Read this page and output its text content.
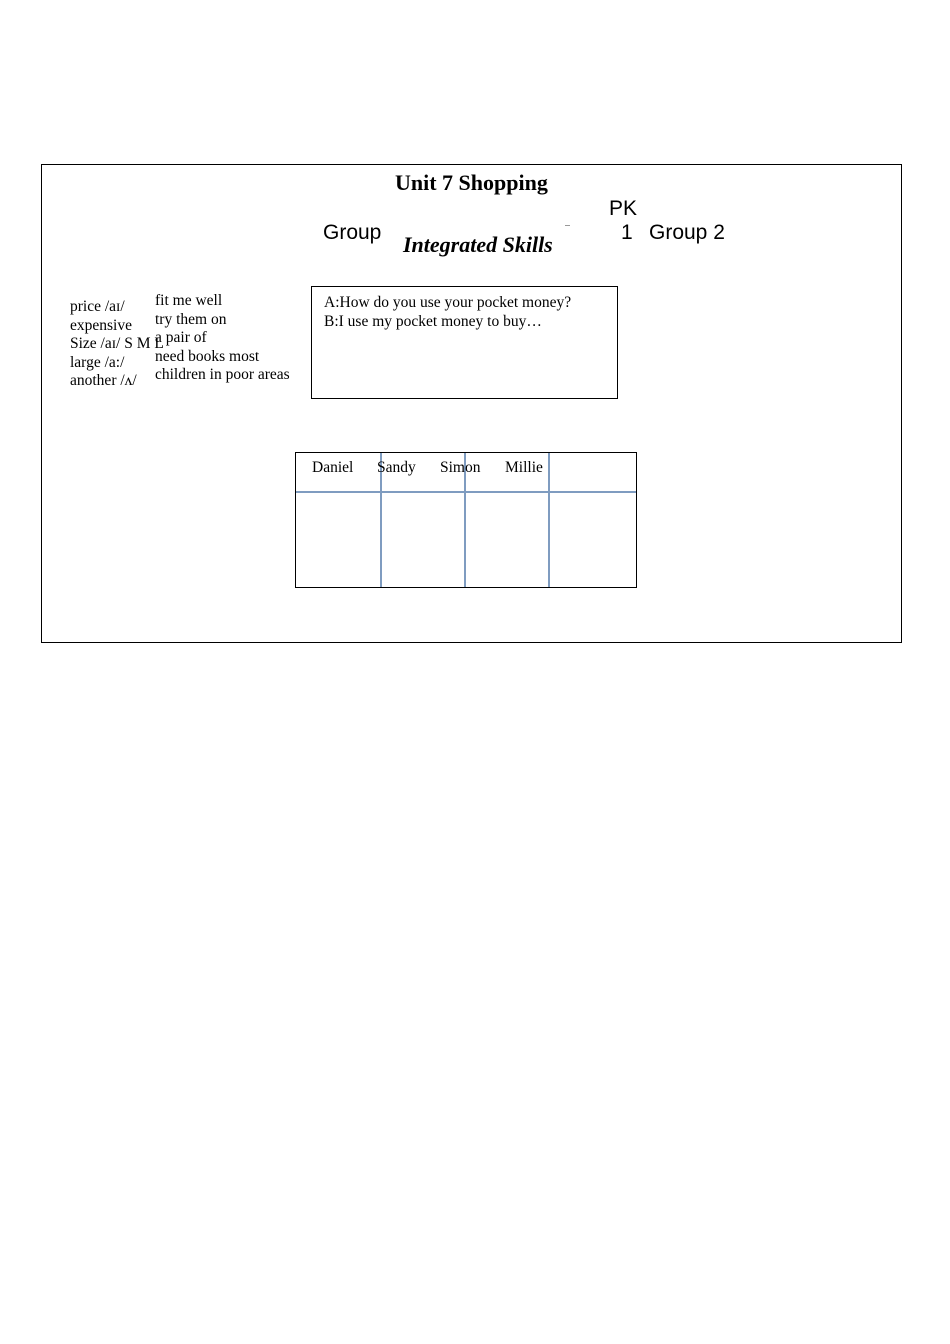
Unit 7 Shopping
PK
Group Integrated Skills	1 Group 2
price /aɪ/
expensive
Size /aɪ/ S M L
large /a:/
another /ʌ/
fit me well
try them on
a pair of
need books most
children in poor areas
A:How do you use your pocket money?
B:I use my pocket money to buy…
Daniel Sandy Simon Millie
